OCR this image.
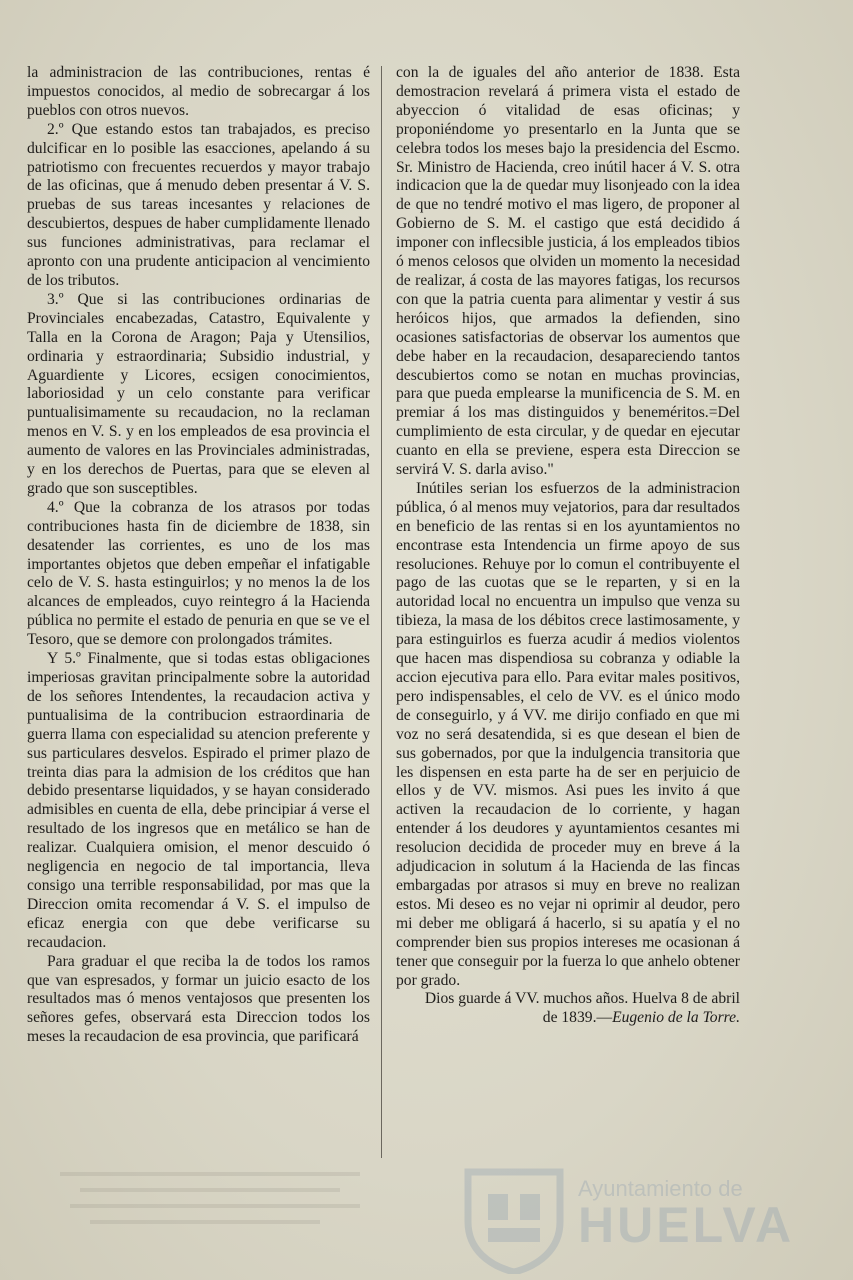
la administracion de las contribuciones, rentas é impuestos conocidos, al medio de sobrecargar á los pueblos con otros nuevos.

2.º Que estando estos tan trabajados, es preciso dulcificar en lo posible las esacciones, apelando á su patriotismo con frecuentes recuerdos y mayor trabajo de las oficinas, que á menudo deben presentar á V. S. pruebas de sus tareas incesantes y relaciones de descubiertos, despues de haber cumplidamente llenado sus funciones administrativas, para reclamar el apronto con una prudente anticipacion al vencimiento de los tributos.

3.º Que si las contribuciones ordinarias de Provinciales encabezadas, Catastro, Equivalente y Talla en la Corona de Aragon; Paja y Utensilios, ordinaria y estraordinaria; Subsidio industrial, y Aguardiente y Licores, ecsigen conocimientos, laboriosidad y un celo constante para verificar puntualisimamente su recaudacion, no la reclaman menos en V. S. y en los empleados de esa provincia el aumento de valores en las Provinciales administradas, y en los derechos de Puertas, para que se eleven al grado que son susceptibles.

4.º Que la cobranza de los atrasos por todas contribuciones hasta fin de diciembre de 1838, sin desatender las corrientes, es uno de los mas importantes objetos que deben empeñar el infatigable celo de V. S. hasta estinguirlos; y no menos la de los alcances de empleados, cuyo reintegro á la Hacienda pública no permite el estado de penuria en que se ve el Tesoro, que se demore con prolongados trámites.

Y 5.º Finalmente, que si todas estas obligaciones imperiosas gravitan principalmente sobre la autoridad de los señores Intendentes, la recaudacion activa y puntualisima de la contribucion estraordinaria de guerra llama con especialidad su atencion preferente y sus particulares desvelos. Espirado el primer plazo de treinta dias para la admision de los créditos que han debido presentarse liquidados, y se hayan considerado admisibles en cuenta de ella, debe principiar á verse el resultado de los ingresos que en metálico se han de realizar. Cualquiera omision, el menor descuido ó negligencia en negocio de tal importancia, lleva consigo una terrible responsabilidad, por mas que la Direccion omita recomendar á V. S. el impulso de eficaz energia con que debe verificarse su recaudacion.

Para graduar el que reciba la de todos los ramos que van espresados, y formar un juicio esacto de los resultados mas ó menos ventajosos que presenten los señores gefes, observará esta Direccion todos los meses la recaudacion de esa provincia, que parificará

con la de iguales del año anterior de 1838. Esta demostracion revelará á primera vista el estado de abyeccion ó vitalidad de esas oficinas; y proponiéndome yo presentarlo en la Junta que se celebra todos los meses bajo la presidencia del Escmo. Sr. Ministro de Hacienda, creo inútil hacer á V. S. otra indicacion que la de quedar muy lisonjeado con la idea de que no tendré motivo el mas ligero, de proponer al Gobierno de S. M. el castigo que está decidido á imponer con inflecsible justicia, á los empleados tibios ó menos celosos que olviden un momento la necesidad de realizar, á costa de las mayores fatigas, los recursos con que la patria cuenta para alimentar y vestir á sus heróicos hijos, que armados la defienden, sino ocasiones satisfactorias de observar los aumentos que debe haber en la recaudacion, desapareciendo tantos descubiertos como se notan en muchas provincias, para que pueda emplearse la munificencia de S. M. en premiar á los mas distinguidos y beneméritos.=Del cumplimiento de esta circular, y de quedar en ejecutar cuanto en ella se previene, espera esta Direccion se servirá V. S. darla aviso."

Inútiles serian los esfuerzos de la administracion pública, ó al menos muy vejatorios, para dar resultados en beneficio de las rentas si en los ayuntamientos no encontrase esta Intendencia un firme apoyo de sus resoluciones. Rehuye por lo comun el contribuyente el pago de las cuotas que se le reparten, y si en la autoridad local no encuentra un impulso que venza su tibieza, la masa de los débitos crece lastimosamente, y para estinguirlos es fuerza acudir á medios violentos que hacen mas dispendiosa su cobranza y odiable la accion ejecutiva para ello. Para evitar males positivos, pero indispensables, el celo de VV. es el único modo de conseguirlo, y á VV. me dirijo confiado en que mi voz no será desatendida, si es que desean el bien de sus gobernados, por que la indulgencia transitoria que les dispensen en esta parte ha de ser en perjuicio de ellos y de VV. mismos. Asi pues les invito á que activen la recaudacion de lo corriente, y hagan entender á los deudores y ayuntamientos cesantes mi resolucion decidida de proceder muy en breve á la adjudicacion in solutum á la Hacienda de las fincas embargadas por atrasos si muy en breve no realizan estos. Mi deseo es no vejar ni oprimir al deudor, pero mi deber me obligará á hacerlo, si su apatía y el no comprender bien sus propios intereses me ocasionan á tener que conseguir por la fuerza lo que anhelo obtener por grado.

Dios guarde á VV. muchos años. Huelva 8 de abril de 1839.—Eugenio de la Torre.

Ayuntamiento de
HUELVA
